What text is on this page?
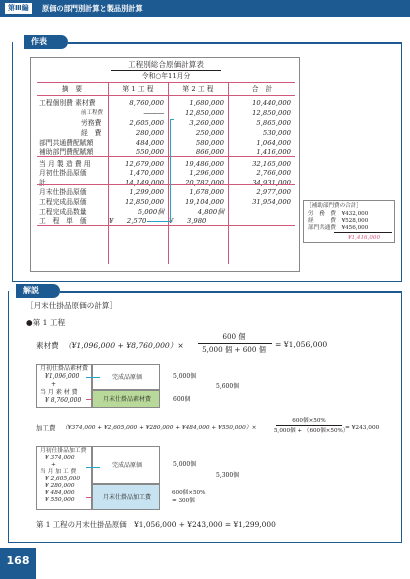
第Ⅲ編	原価の部門別計算と製品別計算
作表
工程別総合原価計算表
令和○年11月分
摘　要	第 1 工 程	第 2 工 程	合　計
工程個別費 素材費	8,760,000	1,680,000	10,440,000
前工程費	―――	12,850,000	12,850,000
労務費	2,605,000	3,260,000	5,865,000
経　費	280,000	250,000	530,000
部門共通費配賦額	484,000	580,000	1,064,000
補助部門費配賦額	550,000	866,000	1,416,000
当 月 製 造 費 用	12,679,000	19,486,000	32,165,000
月初仕掛品原価	1,470,000	1,296,000	2,766,000
計	14,149,000	20,782,000	34,931,000
月末仕掛品原価	1,299,000	1,678,000	2,977,000
工程完成品原価	12,850,000	19,104,000	31,954,000
工程完成品数量	5,000個	4,800個
工　程　単　価	¥　　2,570	¥　　3,980
［補助部門費の合計］
労　務　費　¥432,000
経　　　費　¥528,000
部門共通費　¥456,000
¥1,416,000
解説
［月末仕掛品原価の計算］
●第 1 工程
素材費 （¥1,096,000 + ¥8,760,000）×
600 個
5,000 個 + 600 個
= ¥1,056,000
月初仕掛品素材費
¥1,096,000
+
当 月 素 材 費
¥ 8,760,000
完成品原価
月末仕掛品素材費
5,000個
600個
5,600個
加工費 （¥374,000 + ¥2,605,000 + ¥280,000 + ¥484,000 + ¥550,000）×
600個×50%
5,000個 + （600個×50%）
= ¥243,000
月初仕掛品加工費
¥ 374,000
+
当 月 加 工 費
¥ 2,605,000
¥ 280,000
¥ 484,000
¥ 550,000
完成品原価
月末仕掛品加工費
5,000個
600個×50%
= 300個
5,300個
第 1 工程の月末仕掛品原価　¥1,056,000 + ¥243,000 = ¥1,299,000
168
